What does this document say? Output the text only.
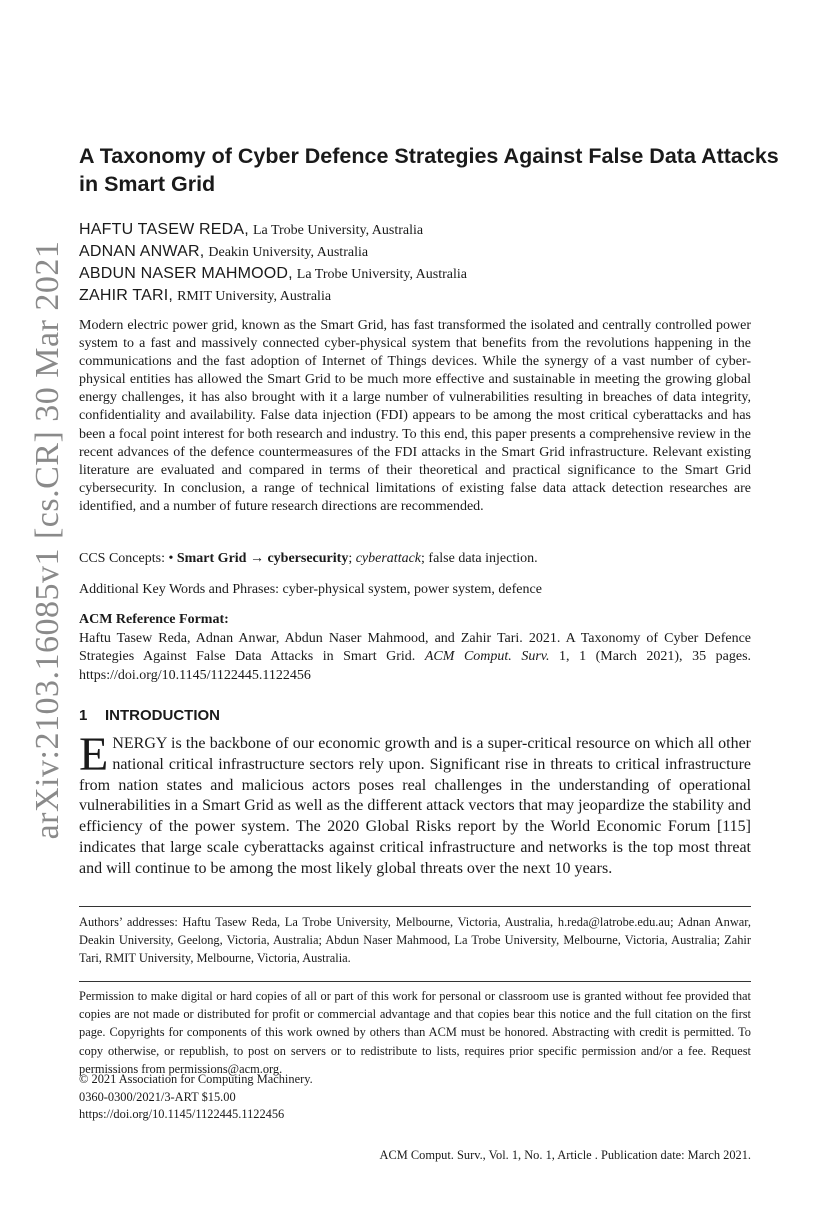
arXiv:2103.16085v1 [cs.CR] 30 Mar 2021
A Taxonomy of Cyber Defence Strategies Against False Data Attacks in Smart Grid
HAFTU TASEW REDA, La Trobe University, Australia
ADNAN ANWAR, Deakin University, Australia
ABDUN NASER MAHMOOD, La Trobe University, Australia
ZAHIR TARI, RMIT University, Australia

Modern electric power grid, known as the Smart Grid, has fast transformed the isolated and centrally controlled power system to a fast and massively connected cyber-physical system that benefits from the revolutions happening in the communications and the fast adoption of Internet of Things devices. While the synergy of a vast number of cyber-physical entities has allowed the Smart Grid to be much more effective and sustainable in meeting the growing global energy challenges, it has also brought with it a large number of vulnerabilities resulting in breaches of data integrity, confidentiality and availability. False data injection (FDI) appears to be among the most critical cyberattacks and has been a focal point interest for both research and industry. To this end, this paper presents a comprehensive review in the recent advances of the defence countermeasures of the FDI attacks in the Smart Grid infrastructure. Relevant existing literature are evaluated and compared in terms of their theoretical and practical significance to the Smart Grid cybersecurity. In conclusion, a range of technical limitations of existing false data attack detection researches are identified, and a number of future research directions are recommended.

CCS Concepts: • Smart Grid → cybersecurity; cyberattack; false data injection.
Additional Key Words and Phrases: cyber-physical system, power system, defence
ACM Reference Format:

Haftu Tasew Reda, Adnan Anwar, Abdun Naser Mahmood, and Zahir Tari. 2021. A Taxonomy of Cyber Defence Strategies Against False Data Attacks in Smart Grid. ACM Comput. Surv. 1, 1 (March 2021), 35 pages. https://doi.org/10.1145/1122445.1122456

1 INTRODUCTION

ENERGY is the backbone of our economic growth and is a super-critical resource on which all other national critical infrastructure sectors rely upon. Significant rise in threats to critical infrastructure from nation states and malicious actors poses real challenges in the understanding of operational vulnerabilities in a Smart Grid as well as the different attack vectors that may jeopardize the stability and efficiency of the power system. The 2020 Global Risks report by the World Economic Forum [115] indicates that large scale cyberattacks against critical infrastructure and networks is the top most threat and will continue to be among the most likely global threats over the next 10 years.

Authors’ addresses: Haftu Tasew Reda, La Trobe University, Melbourne, Victoria, Australia, h.reda@latrobe.edu.au; Adnan Anwar, Deakin University, Geelong, Victoria, Australia; Abdun Naser Mahmood, La Trobe University, Melbourne, Victoria, Australia; Zahir Tari, RMIT University, Melbourne, Victoria, Australia.

Permission to make digital or hard copies of all or part of this work for personal or classroom use is granted without fee provided that copies are not made or distributed for profit or commercial advantage and that copies bear this notice and the full citation on the first page. Copyrights for components of this work owned by others than ACM must be honored. Abstracting with credit is permitted. To copy otherwise, or republish, to post on servers or to redistribute to lists, requires prior specific permission and/or a fee. Request permissions from permissions@acm.org.

© 2021 Association for Computing Machinery.
0360-0300/2021/3-ART $15.00
https://doi.org/10.1145/1122445.1122456
ACM Comput. Surv., Vol. 1, No. 1, Article . Publication date: March 2021.
